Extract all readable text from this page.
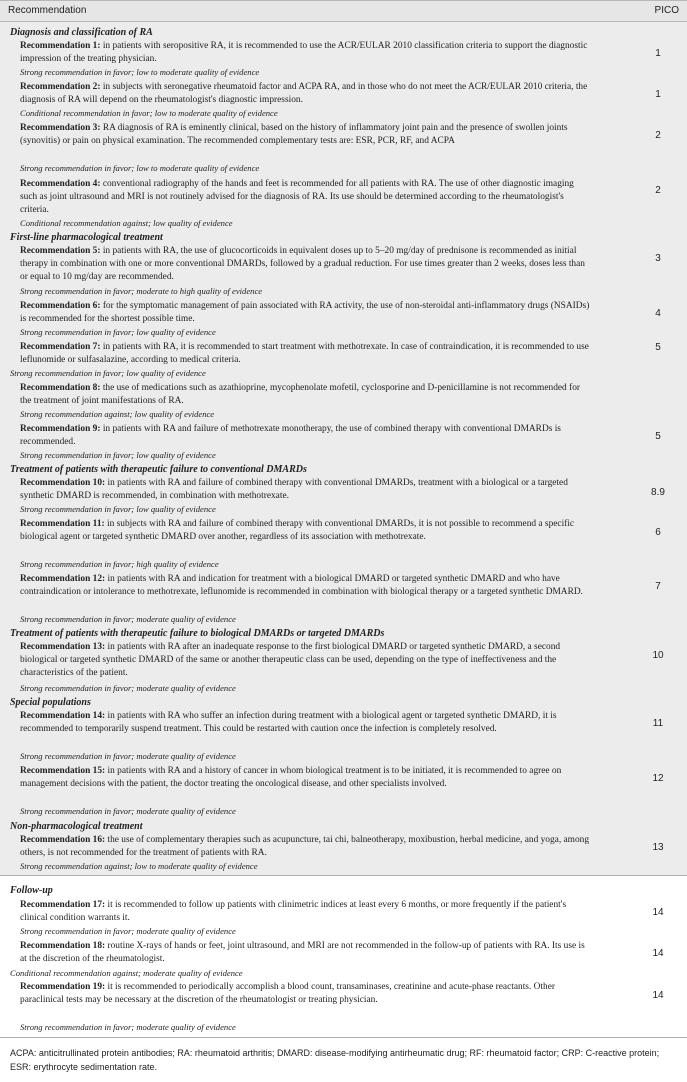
Recommendation	PICO
Diagnosis and classification of RA
Recommendation 1: in patients with seropositive RA, it is recommended to use the ACR/EULAR 2010 classification criteria to support the diagnostic impression of the treating physician.
Strong recommendation in favor; low to moderate quality of evidence
1
Recommendation 2: in subjects with seronegative rheumatoid factor and ACPA RA, and in those who do not meet the ACR/EULAR 2010 criteria, the diagnosis of RA will depend on the rheumatologist's diagnostic impression.
Conditional recommendation in favor; low to moderate quality of evidence
1
Recommendation 3: RA diagnosis of RA is eminently clinical, based on the history of inflammatory joint pain and the presence of swollen joints (synovitis) or pain on physical examination. The recommended complementary tests are: ESR, PCR, RF, and ACPA
Strong recommendation in favor; low to moderate quality of evidence
2
Recommendation 4: conventional radiography of the hands and feet is recommended for all patients with RA. The use of other diagnostic imaging such as joint ultrasound and MRI is not routinely advised for the diagnosis of RA. Its use should be determined according to the rheumatologist's criteria.
Conditional recommendation against; low quality of evidence
2
First-line pharmacological treatment
Recommendation 5: in patients with RA, the use of glucocorticoids in equivalent doses up to 5–20 mg/day of prednisone is recommended as initial therapy in combination with one or more conventional DMARDs, followed by a gradual reduction. For use times greater than 2 weeks, doses less than or equal to 10 mg/day are recommended.
Strong recommendation in favor; moderate to high quality of evidence
3
Recommendation 6: for the symptomatic management of pain associated with RA activity, the use of non-steroidal anti-inflammatory drugs (NSAIDs) is recommended for the shortest possible time.
Strong recommendation in favor; low quality of evidence
4
Recommendation 7: in patients with RA, it is recommended to start treatment with methotrexate. In case of contraindication, it is recommended to use leflunomide or sulfasalazine, according to medical criteria.
Strong recommendation in favor; low quality of evidence
5
Recommendation 8: the use of medications such as azathioprine, mycophenolate mofetil, cyclosporine and D-penicillamine is not recommended for the treatment of joint manifestations of RA.
Strong recommendation against; low quality of evidence
Recommendation 9: in patients with RA and failure of methotrexate monotherapy, the use of combined therapy with conventional DMARDs is recommended.
Strong recommendation in favor; low quality of evidence
5
Treatment of patients with therapeutic failure to conventional DMARDs
Recommendation 10: in patients with RA and failure of combined therapy with conventional DMARDs, treatment with a biological or a targeted synthetic DMARD is recommended, in combination with methotrexate.
Strong recommendation in favor; low quality of evidence
8.9
Recommendation 11: in subjects with RA and failure of combined therapy with conventional DMARDs, it is not possible to recommend a specific biological agent or targeted synthetic DMARD over another, regardless of its association with methotrexate.
Strong recommendation in favor; high quality of evidence
6
Recommendation 12: in patients with RA and indication for treatment with a biological DMARD or targeted synthetic DMARD and who have contraindication or intolerance to methotrexate, leflunomide is recommended in combination with biological therapy or a targeted synthetic DMARD.
Strong recommendation in favor; moderate quality of evidence
7
Treatment of patients with therapeutic failure to biological DMARDs or targeted DMARDs
Recommendation 13: in patients with RA after an inadequate response to the first biological DMARD or targeted synthetic DMARD, a second biological or targeted synthetic DMARD of the same or another therapeutic class can be used, depending on the type of ineffectiveness and the characteristics of the patient.
Strong recommendation in favor; moderate quality of evidence
10
Special populations
Recommendation 14: in patients with RA who suffer an infection during treatment with a biological agent or targeted synthetic DMARD, it is recommended to temporarily suspend treatment. This could be restarted with caution once the infection is completely resolved.
Strong recommendation in favor; moderate quality of evidence
11
Recommendation 15: in patients with RA and a history of cancer in whom biological treatment is to be initiated, it is recommended to agree on management decisions with the patient, the doctor treating the oncological disease, and other specialists involved.
Strong recommendation in favor; moderate quality of evidence
12
Non-pharmacological treatment
Recommendation 16: the use of complementary therapies such as acupuncture, tai chi, balneotherapy, moxibustion, herbal medicine, and yoga, among others, is not recommended for the treatment of patients with RA.
Strong recommendation against; low to moderate quality of evidence
13
Follow-up
Recommendation 17: it is recommended to follow up patients with clinimetric indices at least every 6 months, or more frequently if the patient's clinical condition warrants it.
Strong recommendation in favor; moderate quality of evidence
14
Recommendation 18: routine X-rays of hands or feet, joint ultrasound, and MRI are not recommended in the follow-up of patients with RA. Its use is at the discretion of the rheumatologist.
Conditional recommendation against; moderate quality of evidence
14
Recommendation 19: it is recommended to periodically accomplish a blood count, transaminases, creatinine and acute-phase reactants. Other paraclinical tests may be necessary at the discretion of the rheumatologist or treating physician.
Strong recommendation in favor; moderate quality of evidence
14
ACPA: anticitrullinated protein antibodies; RA: rheumatoid arthritis; DMARD: disease-modifying antirheumatic drug; RF: rheumatoid factor; CRP: C-reactive protein; ESR: erythrocyte sedimentation rate.
